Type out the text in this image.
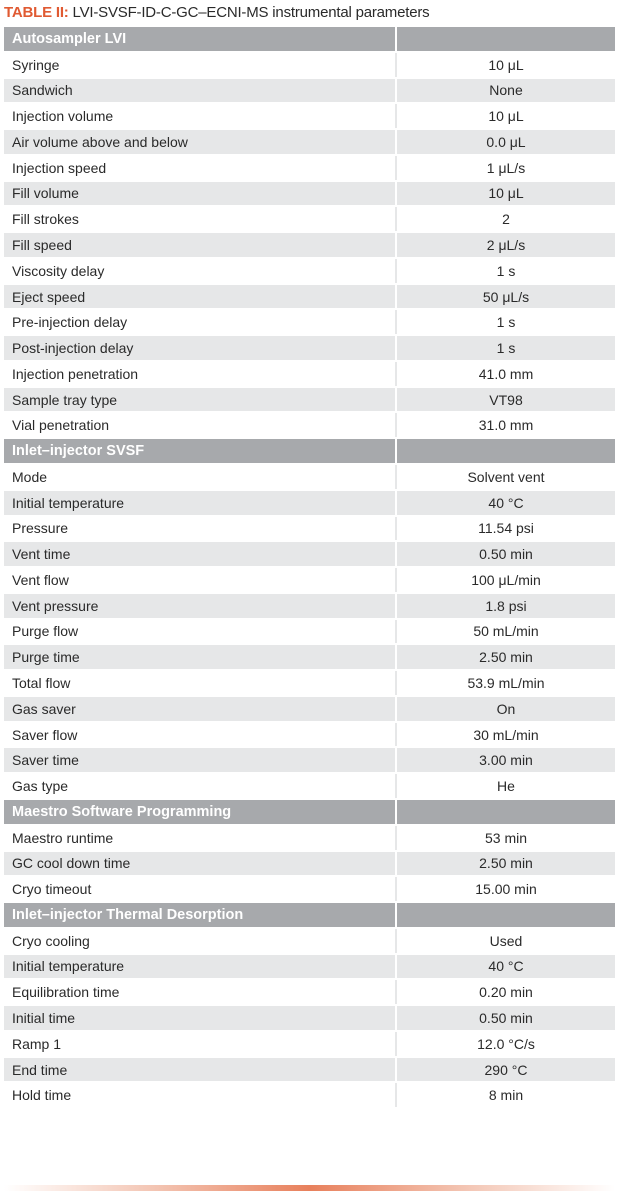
TABLE II: LVI-SVSF-ID-C-GC–ECNI-MS instrumental parameters
Autosampler LVI
Syringe	10 μL
Sandwich	None
Injection volume	10 μL
Air volume above and below	0.0 μL
Injection speed	1 μL/s
Fill volume	10 μL
Fill strokes	2
Fill speed	2 μL/s
Viscosity delay	1 s
Eject speed	50 μL/s
Pre-injection delay	1 s
Post-injection delay	1 s
Injection penetration	41.0 mm
Sample tray type	VT98
Vial penetration	31.0 mm
Inlet–injector SVSF
Mode	Solvent vent
Initial temperature	40 °C
Pressure	11.54 psi
Vent time	0.50 min
Vent flow	100 μL/min
Vent pressure	1.8 psi
Purge flow	50 mL/min
Purge time	2.50 min
Total flow	53.9 mL/min
Gas saver	On
Saver flow	30 mL/min
Saver time	3.00 min
Gas type	He
Maestro Software Programming
Maestro runtime	53 min
GC cool down time	2.50 min
Cryo timeout	15.00 min
Inlet–injector Thermal Desorption
Cryo cooling	Used
Initial temperature	40 °C
Equilibration time	0.20 min
Initial time	0.50 min
Ramp 1	12.0 °C/s
End time	290 °C
Hold time	8 min
